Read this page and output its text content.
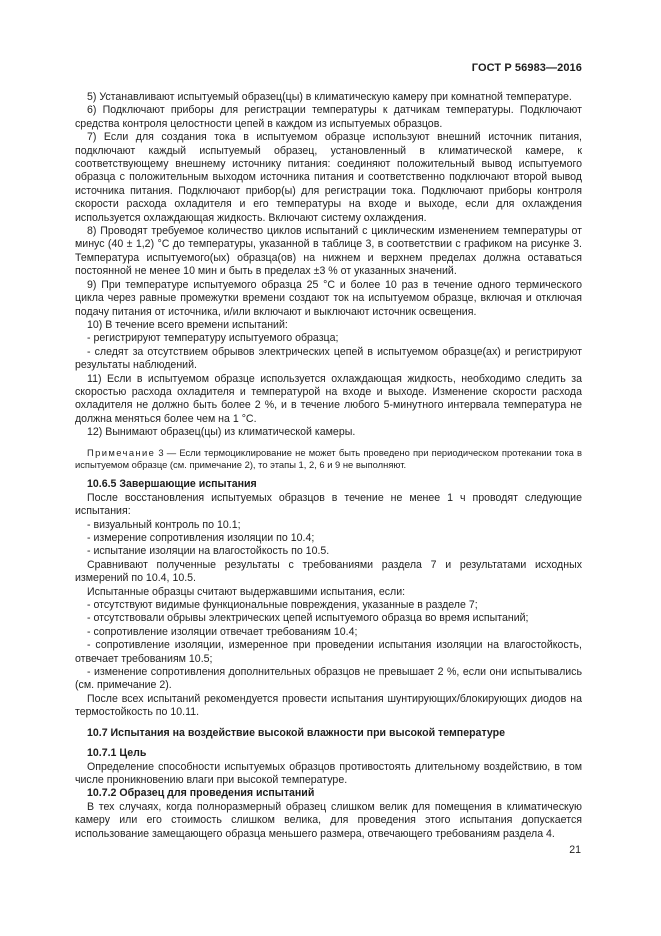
ГОСТ Р 56983—2016

5) Устанавливают испытуемый образец(цы) в климатическую камеру при комнатной температуре.

6) Подключают приборы для регистрации температуры к датчикам температуры. Подключают средства контроля целостности цепей в каждом из испытуемых образцов.

7) Если для создания тока в испытуемом образце используют внешний источник питания, подключают каждый испытуемый образец, установленный в климатической камере, к соответствующему внешнему источнику питания: соединяют положительный вывод испытуемого образца с положительным выходом источника питания и соответственно подключают второй вывод источника питания. Подключают прибор(ы) для регистрации тока. Подключают приборы контроля скорости расхода охладителя и его температуры на входе и выходе, если для охлаждения используется охлаждающая жидкость. Включают систему охлаждения.

8) Проводят требуемое количество циклов испытаний с циклическим изменением температуры от минус (40 ± 1,2) °С до температуры, указанной в таблице 3, в соответствии с графиком на рисунке 3. Температура испытуемого(ых) образца(ов) на нижнем и верхнем пределах должна оставаться постоянной не менее 10 мин и быть в пределах ±3 % от указанных значений.

9) При температуре испытуемого образца 25 °С и более 10 раз в течение одного термического цикла через равные промежутки времени создают ток на испытуемом образце, включая и отключая подачу питания от источника, и/или включают и выключают источник освещения.

10) В течение всего времени испытаний:

- регистрируют температуру испытуемого образца;

- следят за отсутствием обрывов электрических цепей в испытуемом образце(ах) и регистрируют результаты наблюдений.

11) Если в испытуемом образце используется охлаждающая жидкость, необходимо следить за скоростью расхода охладителя и температурой на входе и выходе. Изменение скорости расхода охладителя не должно быть более 2 %, и в течение любого 5-минутного интервала температура не должна меняться более чем на 1 °С.

12) Вынимают образец(цы) из климатической камеры.

Примечание 3 — Если термоциклирование не может быть проведено при периодическом протекании тока в испытуемом образце (см. примечание 2), то этапы 1, 2, 6 и 9 не выполняют.

10.6.5 Завершающие испытания

После восстановления испытуемых образцов в течение не менее 1 ч проводят следующие испытания:

- визуальный контроль по 10.1;

- измерение сопротивления изоляции по 10.4;

- испытание изоляции на влагостойкость по 10.5.

Сравнивают полученные результаты с требованиями раздела 7 и результатами исходных измерений по 10.4, 10.5.

Испытанные образцы считают выдержавшими испытания, если:

- отсутствуют видимые функциональные повреждения, указанные в разделе 7;

- отсутствовали обрывы электрических цепей испытуемого образца во время испытаний;

- сопротивление изоляции отвечает требованиям 10.4;

- сопротивление изоляции, измеренное при проведении испытания изоляции на влагостойкость, отвечает требованиям 10.5;

- изменение сопротивления дополнительных образцов не превышает 2 %, если они испытывались (см. примечание 2).

После всех испытаний рекомендуется провести испытания шунтирующих/блокирующих диодов на термостойкость по 10.11.

10.7 Испытания на воздействие высокой влажности при высокой температуре

10.7.1 Цель

Определение способности испытуемых образцов противостоять длительному воздействию, в том числе проникновению влаги при высокой температуре.

10.7.2 Образец для проведения испытаний

В тех случаях, когда полноразмерный образец слишком велик для помещения в климатическую камеру или его стоимость слишком велика, для проведения этого испытания допускается использование замещающего образца меньшего размера, отвечающего требованиям раздела 4.

21
